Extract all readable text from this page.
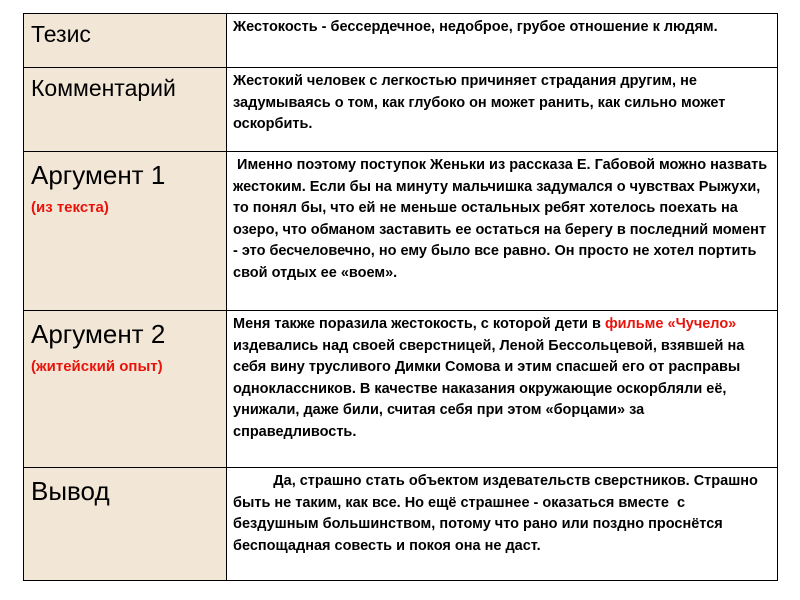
Тезис	Жестокость - бессердечное, недоброе, грубое отношение к людям.

Комментарий	Жестокий человек с легкостью причиняет страдания другим, не задумываясь о том, как глубоко он может ранить, как сильно может оскорбить.

Аргумент 1
(из текста)	Именно поэтому поступок Женьки из рассказа Е. Габовой можно назвать жестоким. Если бы на минуту мальчишка задумался о чувствах Рыжухи, то понял бы, что ей не меньше остальных ребят хотелось поехать на озеро, что обманом заставить ее остаться на берегу в последний момент - это бесчеловечно, но ему было все равно. Он просто не хотел портить свой отдых ее «воем».

Аргумент 2
(житейский опыт)	Меня также поразила жестокость, с которой дети в фильме «Чучело» издевались над своей сверстницей, Леной Бессольцевой, взявшей на себя вину трусливого Димки Сомова и этим спасшей его от расправы одноклассников. В качестве наказания окружающие оскорбляли её, унижали, даже били, считая себя при этом «борцами» за справедливость.

Вывод	Да, страшно стать объектом издевательств сверстников. Страшно быть не таким, как все. Но ещё страшнее - оказаться вместе  с бездушным большинством, потому что рано или поздно проснётся беспощадная совесть и покоя она не даст.
